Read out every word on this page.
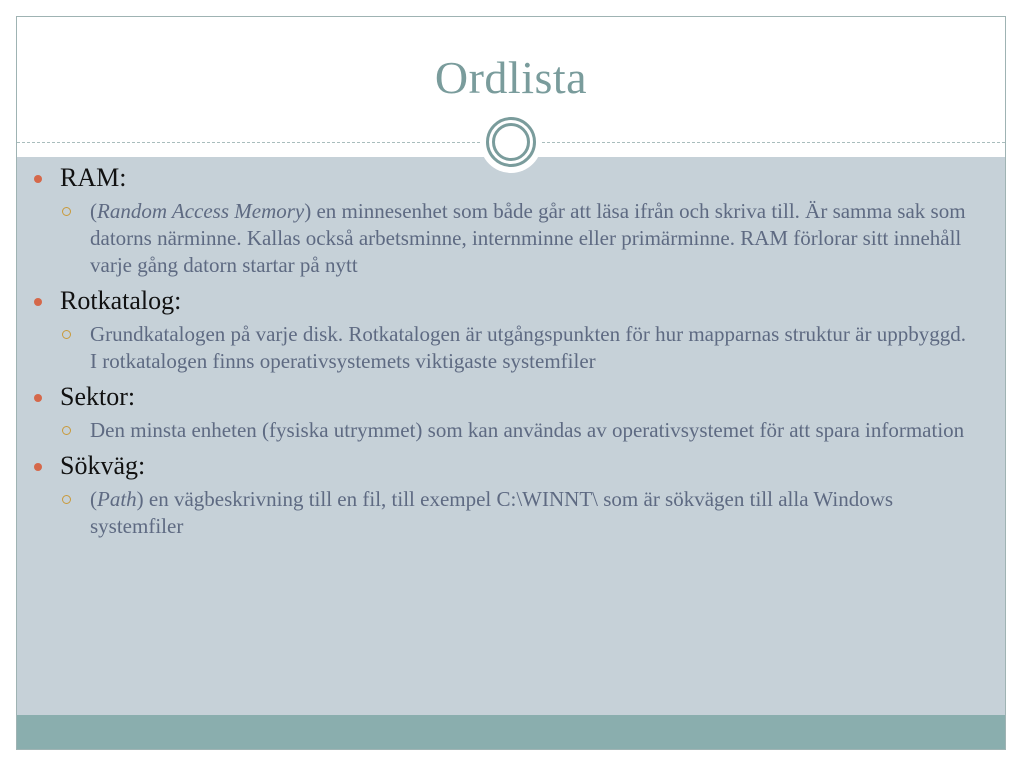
Ordlista
RAM:
(Random Access Memory) en minnesenhet som både går att läsa ifrån och skriva till. Är samma sak som datorns närminne. Kallas också arbetsminne, internminne eller primärminne. RAM förlorar sitt innehåll varje gång datorn startar på nytt
Rotkatalog:
Grundkatalogen på varje disk. Rotkatalogen är utgångspunkten för hur mapparnas struktur är uppbyggd. I rotkatalogen finns operativsystemets viktigaste systemfiler
Sektor:
Den minsta enheten (fysiska utrymmet) som kan användas av operativsystemet för att spara information
Sökväg:
(Path) en vägbeskrivning till en fil, till exempel C:\WINNT\ som är sökvägen till alla Windows systemfiler
